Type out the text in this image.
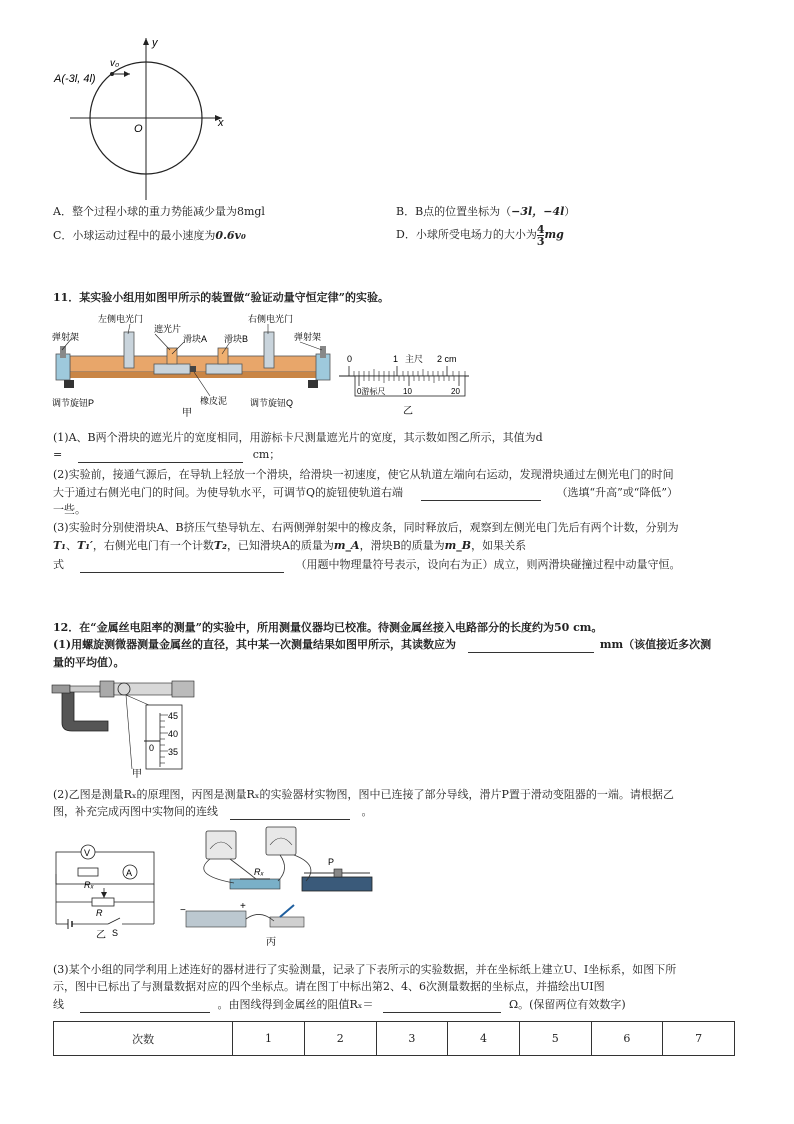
y
x
O
A(-3l, 4l)
v₀
A．整个过程小球的重力势能减少量为8mgl	B．B点的位置坐标为（−3l，−4l）
C．小球运动过程中的最小速度为0.6v₀	D．小球所受电场力的大小为 $\frac{4}{3}$ mg
11．某实验小组用如图甲所示的装置做“验证动量守恒定律”的实验。
左侧电光门	右侧电光门
遮光片
滑块A 滑块B
弹射架	弹射架
调节旋钮P	调节旋钮Q
橡皮泥
甲
0	1 主尺 2 cm
0游标尺 10	20
乙
(1)A、B两个滑块的遮光片的宽度相同，用游标卡尺测量遮光片的宽度，其示数如图乙所示，其值为d
=	cm；
(2)实验前，接通气源后，在导轨上轻放一个滑块，给滑块一初速度，使它从轨道左端向右运动，发现滑块通过左侧光电门的时间
大于通过右侧光电门的时间。为使导轨水平，可调节Q的旋钮使轨道右端	（选填“升高”或“降低”）
一些。
(3)实验时分别使滑块A、B挤压气垫导轨左、右两侧弹射架中的橡皮条，同时释放后，观察到左侧光电门先后有两个计数，分别为
T₁、T₁′，右侧光电门有一个计数T₂，已知滑块A的质量为m_A，滑块B的质量为m_B，如果关系
式	（用题中物理量符号表示，设向右为正）成立，则两滑块碰撞过程中动量守恒。
12．在“金属丝电阻率的测量”的实验中，所用测量仪器均已校准。待测金属丝接入电路部分的长度约为50 cm。
(1)用螺旋测微器测量金属丝的直径，其中某一次测量结果如图甲所示，其读数应为	mm（该值接近多次测
量的平均值）。
45
40
35
0
甲
(2)乙图是测量Rₓ的原理图，丙图是测量Rₓ的实验器材实物图，图中已连接了部分导线，滑片P置于滑动变阻器的一端。请根据乙
图，补充完成丙图中实物间的连线	。
V
A
Rₓ
R
S
乙
Rₓ
P
−	+
丙
(3)某个小组的同学利用上述连好的器材进行了实验测量，记录了下表所示的实验数据，并在坐标纸上建立U、I坐标系，如图下所
示，图中已标出了与测量数据对应的四个坐标点。请在图丁中标出第2、4、6次测量数据的坐标点，并描绘出UI图
线	。由图线得到金属丝的阻值Rₓ＝	Ω。(保留两位有效数字)
次数	1	2	3	4	5	6	7
